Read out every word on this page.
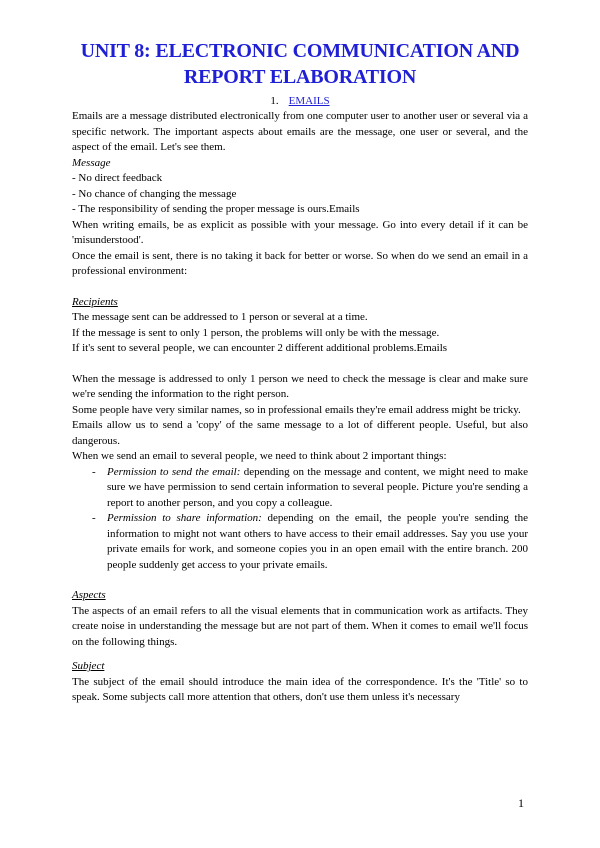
UNIT 8: ELECTRONIC COMMUNICATION AND REPORT ELABORATION
1. EMAILS

Emails are a message distributed electronically from one computer user to another user or several via a specific network. The important aspects about emails are the message, one user or several, and the aspect of the email. Let's see them.

Message

- No direct feedback

- No chance of changing the message

- The responsibility of sending the proper message is ours.Emails

When writing emails, be as explicit as possible with your message. Go into every detail if it can be 'misunderstood'.

Once the email is sent, there is no taking it back for better or worse. So when do we send an email in a professional environment:

Recipients

The message sent can be addressed to 1 person or several at a time.

If the message is sent to only 1 person, the problems will only be with the message.

If it's sent to several people, we can encounter 2 different additional problems.Emails

When the message is addressed to only 1 person we need to check the message is clear and make sure we're sending the information to the right person.

Some people have very similar names, so in professional emails they're email address might be tricky.

Emails allow us to send a 'copy' of the same message to a lot of different people. Useful, but also dangerous.

When we send an email to several people, we need to think about 2 important things:

- Permission to send the email: depending on the message and content, we might need to make sure we have permission to send certain information to several people. Picture you're sending a report to another person, and you copy a colleague.
- Permission to share information: depending on the email, the people you're sending the information to might not want others to have access to their email addresses. Say you use your private emails for work, and someone copies you in an open email with the entire branch. 200 people suddenly get access to your private emails.

Aspects

The aspects of an email refers to all the visual elements that in communication work as artifacts. They create noise in understanding the message but are not part of them. When it comes to email we'll focus on the following things.

Subject

The subject of the email should introduce the main idea of the correspondence. It's the 'Title' so to speak. Some subjects call more attention that others, don't use them unless it's necessary

1
